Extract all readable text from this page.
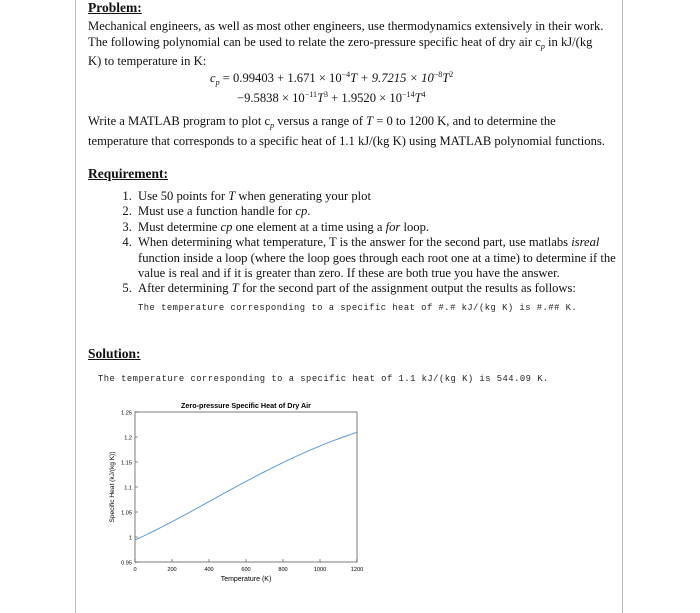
Problem:
Mechanical engineers, as well as most other engineers, use thermodynamics extensively in their work. The following polynomial can be used to relate the zero-pressure specific heat of dry air $c_p$ in kJ/(kg K) to temperature in K:
$c_p = 0.99403 + 1.671 \times 10^{-4}T + 9.7215 \times 10^{-8}T^2$
$-9.5838 \times 10^{-11}T^3 + 1.9520 \times 10^{-14}T^4$
Write a MATLAB program to plot $c_p$ versus a range of T = 0 to 1200 K, and to determine the temperature that corresponds to a specific heat of 1.1 kJ/(kg K) using MATLAB polynomial functions.
Requirement:
1. Use 50 points for T when generating your plot
2. Must use a function handle for cp.
3. Must determine cp one element at a time using a for loop.
4. When determining what temperature, T is the answer for the second part, use matlabs isreal function inside a loop (where the loop goes through each root one at a time) to determine if the value is real and if it is greater than zero. If these are both true you have the answer.
5. After determining T for the second part of the assignment output the results as follows:
The temperature corresponding to a specific heat of #.# kJ/(kg K) is #.## K.
Solution:
The temperature corresponding to a specific heat of 1.1 kJ/(kg K) is 544.09 K.
Zero-pressure Specific Heat of Dry Air
0.95
1
1.05
1.1
1.15
1.2
1.25
0	200	400	600	800	1000	1200
Temperature (K)
Specific Heat (kJ/(kg K))
